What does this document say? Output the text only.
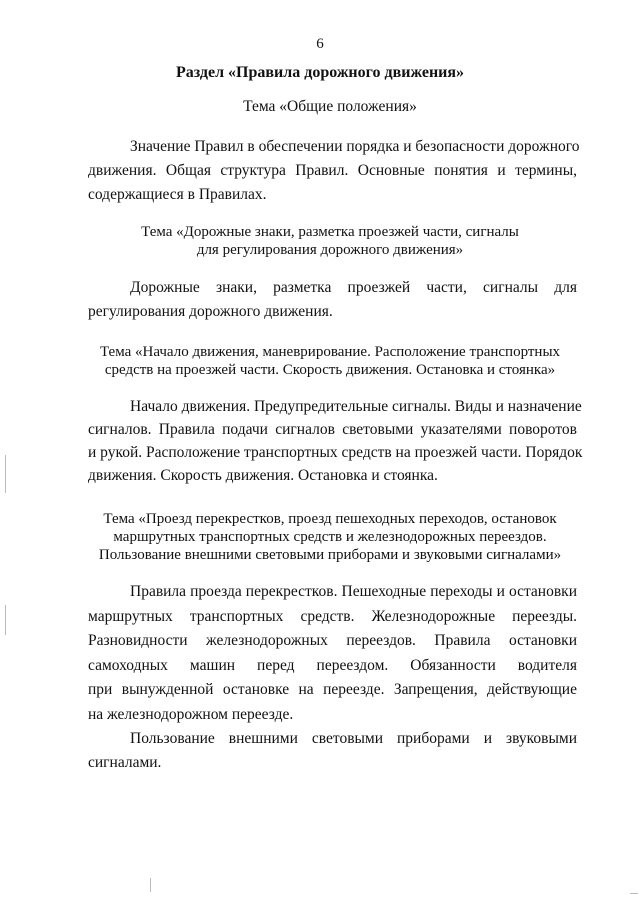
6
Раздел «Правила дорожного движения»
Тема «Общие положения»
Значение Правил в обеспечении порядка и безопасности дорожного
движения. Общая структура Правил. Основные понятия и термины,
содержащиеся в Правилах.
Тема «Дорожные знаки, разметка проезжей части, сигналы
для регулирования дорожного движения»
Дорожные знаки, разметка проезжей части, сигналы для
регулирования дорожного движения.
Тема «Начало движения, маневрирование. Расположение транспортных
средств на проезжей части. Скорость движения. Остановка и стоянка»
Начало движения. Предупредительные сигналы. Виды и назначение
сигналов. Правила подачи сигналов световыми указателями поворотов
и рукой. Расположение транспортных средств на проезжей части. Порядок
движения. Скорость движения. Остановка и стоянка.
Тема «Проезд перекрестков, проезд пешеходных переходов, остановок
маршрутных транспортных средств и железнодорожных переездов.
Пользование внешними световыми приборами и звуковыми сигналами»
Правила проезда перекрестков. Пешеходные переходы и остановки
маршрутных транспортных средств. Железнодорожные переезды.
Разновидности железнодорожных переездов. Правила остановки
самоходных машин перед переездом. Обязанности водителя
при вынужденной остановке на переезде. Запрещения, действующие
на железнодорожном переезде.
Пользование внешними световыми приборами и звуковыми
сигналами.
